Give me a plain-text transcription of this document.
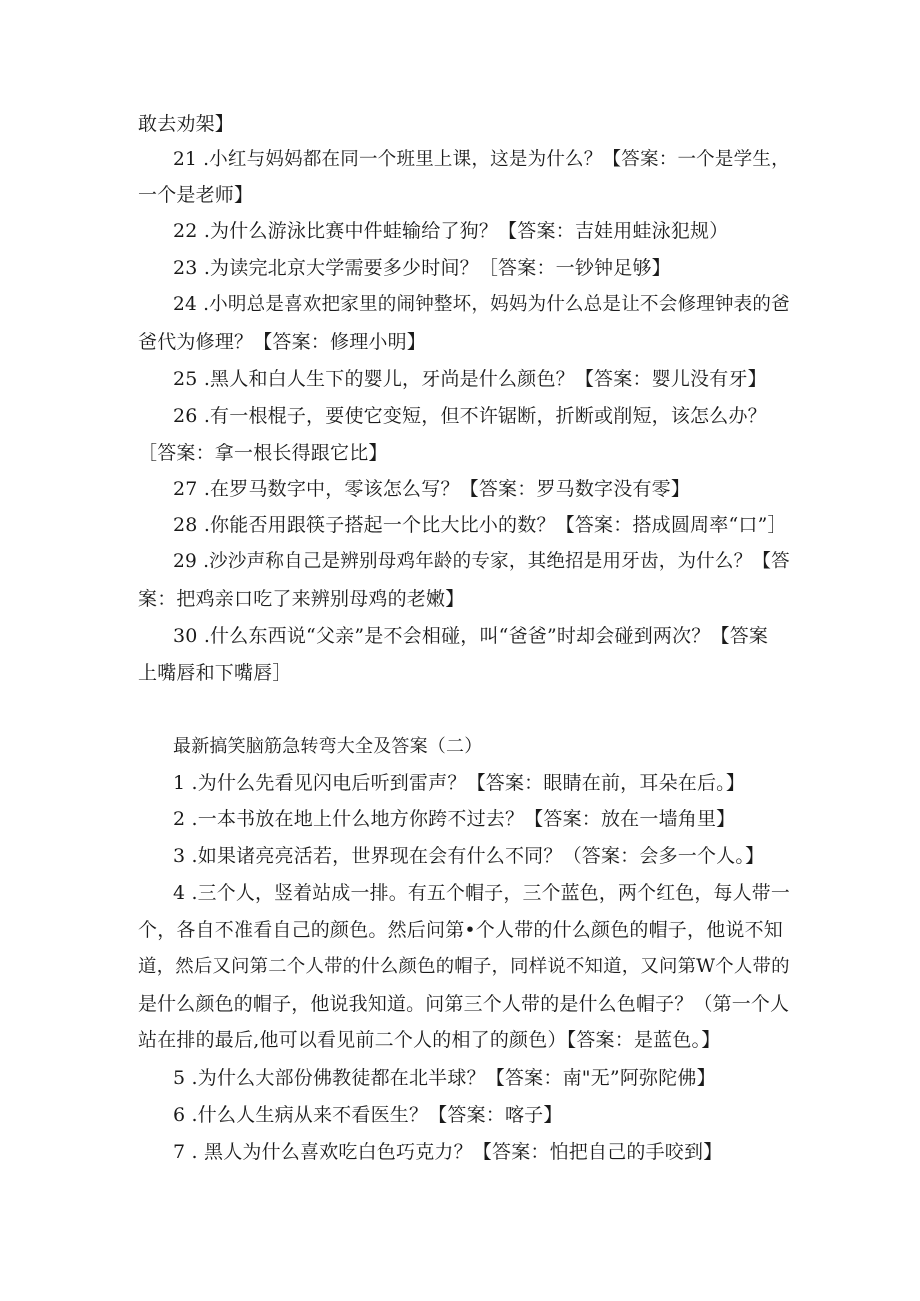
敢去劝架】
21 .小红与妈妈都在同一个班里上课，这是为什么？【答案：一个是学生，
一个是老师】
22 .为什么游泳比赛中件蛙输给了狗？【答案：吉娃用蛙泳犯规）
23 .为读完北京大学需要多少时间？［答案：一钞钟足够】
24 .小明总是喜欢把家里的闹钟整坏，妈妈为什么总是让不会修理钟表的爸
爸代为修理？【答案：修理小明】
25 .黑人和白人生下的婴儿，牙尚是什么颜色？【答案：婴儿没有牙】
26 .有一根棍子，要使它变短，但不许锯断，折断或削短，该怎么办？
［答案：拿一根长得跟它比】
27 .在罗马数字中，零该怎么写？【答案：罗马数字没有零】
28 .你能否用跟筷子搭起一个比大比小的数？【答案：搭成圆周率“口”］
29 .沙沙声称自己是辨别母鸡年龄的专家，其绝招是用牙齿，为什么？【答
案：把鸡亲口吃了来辨别母鸡的老嫩】
30 .什么东西说“父亲”是不会相碰，叫“爸爸”时却会碰到两次？【答案
上嘴唇和下嘴唇］
最新搞笑脑筋急转弯大全及答案（二）
1 .为什么先看见闪电后听到雷声？【答案：眼睛在前，耳朵在后。】
2 .一本书放在地上什么地方你跨不过去？【答案：放在一墙角里】
3 .如果诸亮亮活若，世界现在会有什么不同？（答案：会多一个人。】
4 .三个人，竖着站成一排。有五个帽子，三个蓝色，两个红色，每人带一
个，各自不准看自己的颜色。然后问第•个人带的什么颜色的帽子，他说不知
道，然后又问第二个人带的什么颜色的帽子，同样说不知道，又问第W个人带的
是什么颜色的帽子，他说我知道。问第三个人带的是什么色帽子？（第一个人
站在排的最后,他可以看见前二个人的相了的颜色）【答案：是蓝色。】
5 .为什么大部份佛教徒都在北半球？【答案：南"无”阿弥陀佛】
6 .什么人生病从来不看医生？【答案：喀子】
7 . 黑人为什么喜欢吃白色巧克力？【答案：怕把自己的手咬到】
